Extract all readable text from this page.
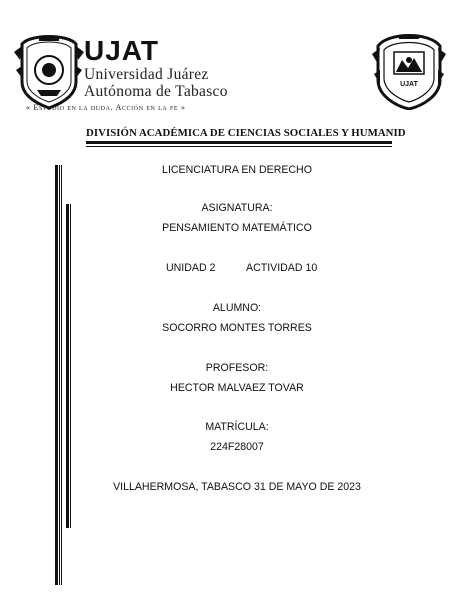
UJAT
Universidad Juárez
Autónoma de Tabasco
« Estudio en la duda. Acción en la fe »
UJAT
DIVISIÓN ACADÉMICA DE CIENCIAS SOCIALES Y HUMANID
LICENCIATURA EN DERECHO
ASIGNATURA:
PENSAMIENTO MATEMÁTICO
UNIDAD 2	ACTIVIDAD 10
ALUMNO:
SOCORRO MONTES TORRES
PROFESOR:
HECTOR MALVAEZ TOVAR
MATRÍCULA:
224F28007
VILLAHERMOSA, TABASCO 31 DE MAYO DE 2023
